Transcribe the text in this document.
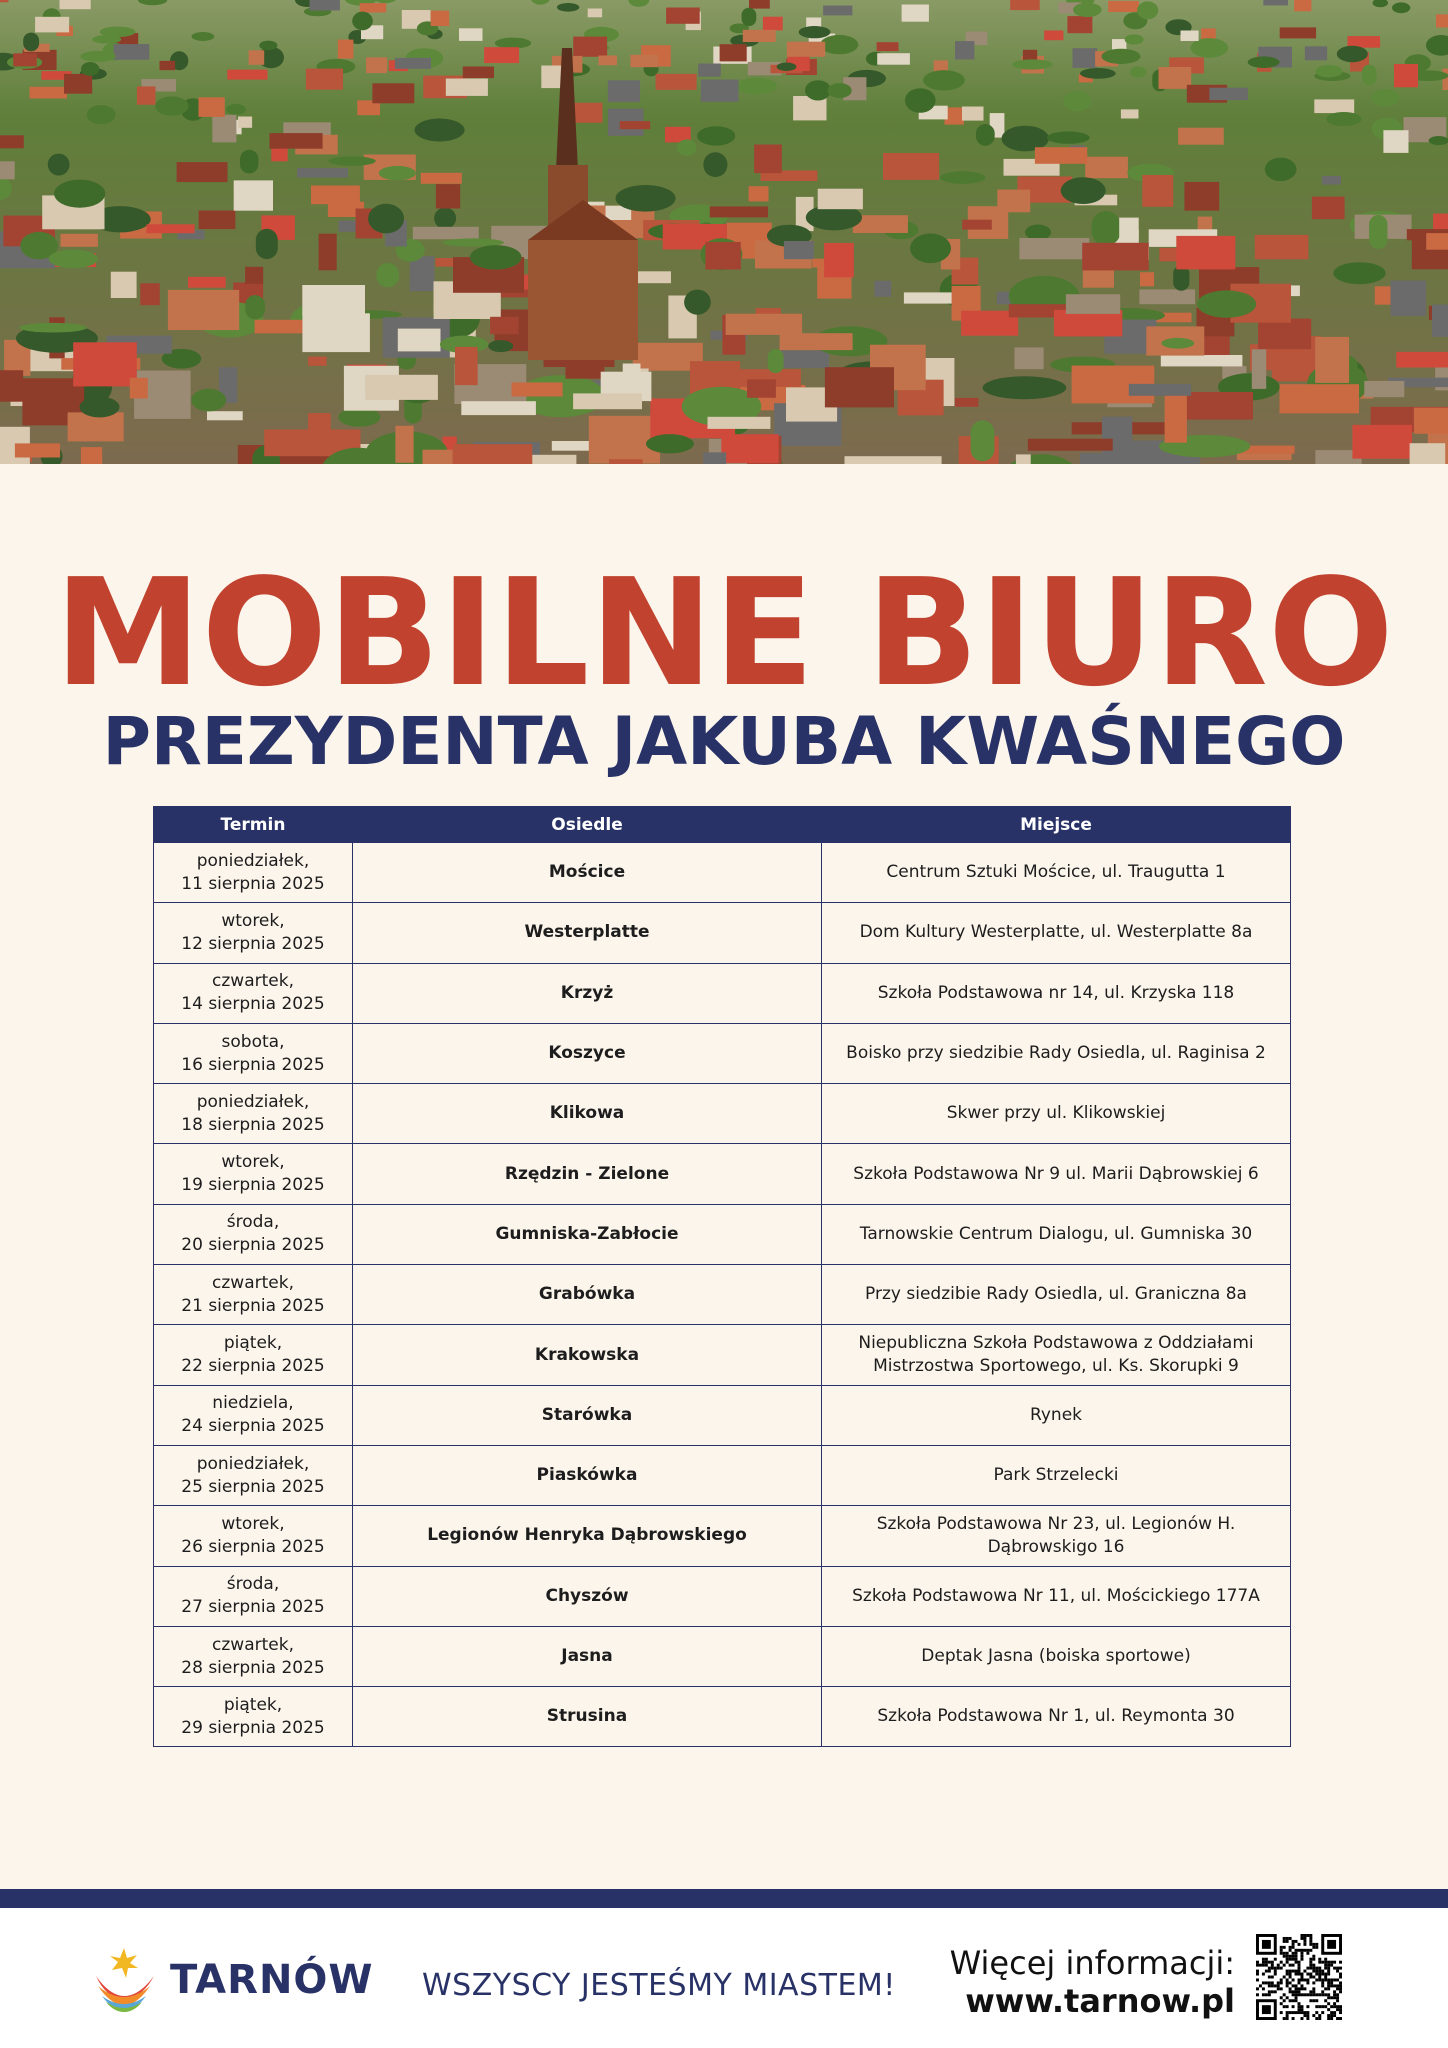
MOBILNE BIURO
PREZYDENTA JAKUBA KWAŚNEGO
Termin	Osiedle	Miejsce

poniedziałek,
11 sierpnia 2025	Mościce	Centrum Sztuki Mościce, ul. Traugutta 1

wtorek,
12 sierpnia 2025	Westerplatte	Dom Kultury Westerplatte, ul. Westerplatte 8a

czwartek,
14 sierpnia 2025	Krzyż	Szkoła Podstawowa nr 14, ul. Krzyska 118

sobota,
16 sierpnia 2025	Koszyce	Boisko przy siedzibie Rady Osiedla, ul. Raginisa 2

poniedziałek,
18 sierpnia 2025	Klikowa	Skwer przy ul. Klikowskiej

wtorek,
19 sierpnia 2025	Rzędzin - Zielone	Szkoła Podstawowa Nr 9 ul. Marii Dąbrowskiej 6

środa,
20 sierpnia 2025	Gumniska-Zabłocie	Tarnowskie Centrum Dialogu, ul. Gumniska 30

czwartek,
21 sierpnia 2025	Grabówka	Przy siedzibie Rady Osiedla, ul. Graniczna 8a

piątek,
22 sierpnia 2025	Krakowska	Niepubliczna Szkoła Podstawowa z Oddziałami Mistrzostwa Sportowego, ul. Ks. Skorupki 9

niedziela,
24 sierpnia 2025	Starówka	Rynek

poniedziałek,
25 sierpnia 2025	Piaskówka	Park Strzelecki

wtorek,
26 sierpnia 2025	Legionów Henryka Dąbrowskiego	Szkoła Podstawowa Nr 23, ul. Legionów H. Dąbrowskigo 16

środa,
27 sierpnia 2025	Chyszów	Szkoła Podstawowa Nr 11, ul. Mościckiego 177A

czwartek,
28 sierpnia 2025	Jasna	Deptak Jasna (boiska sportowe)

piątek,
29 sierpnia 2025	Strusina	Szkoła Podstawowa Nr 1, ul. Reymonta 30
TARNÓW WSZYSCY JESTEŚMY MIASTEM!
Więcej informacji:
www.tarnow.pl
